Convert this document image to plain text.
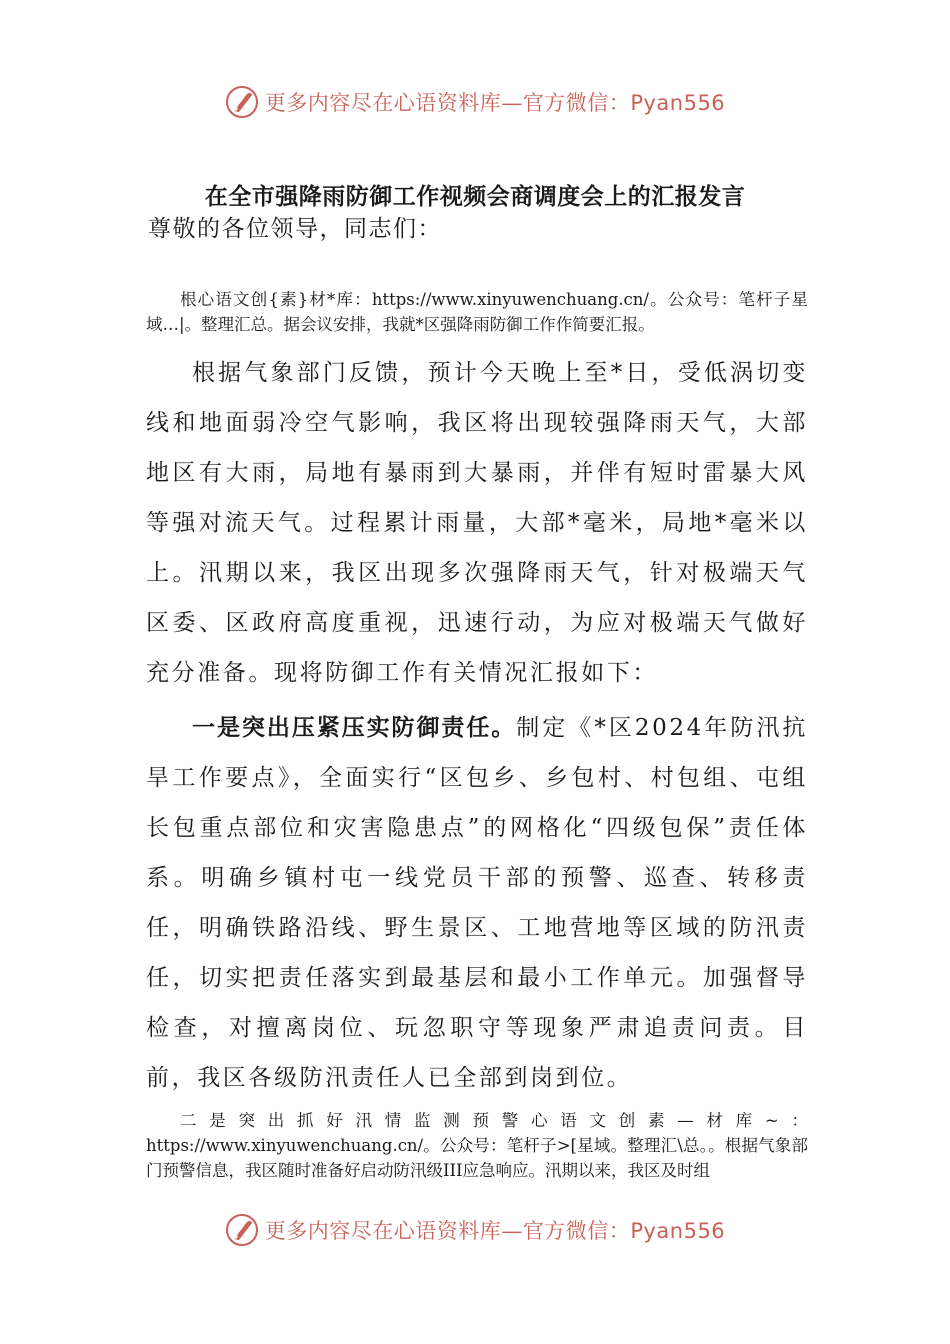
更多内容尽在心语资料库—官方微信：Pyan556
在全市强降雨防御工作视频会商调度会上的汇报发言

尊敬的各位领导，同志们：

根心语文创{素}材*库：https://www.xinyuwenchuang.cn/。公众号：笔杆子星域…|。整理汇总。据会议安排，我就*区强降雨防御工作作简要汇报。

根据气象部门反馈，预计今天晚上至*日，受低涡切变线和地面弱冷空气影响，我区将出现较强降雨天气，大部地区有大雨，局地有暴雨到大暴雨，并伴有短时雷暴大风等强对流天气。过程累计雨量，大部*毫米，局地*毫米以上。汛期以来，我区出现多次强降雨天气，针对极端天气区委、区政府高度重视，迅速行动，为应对极端天气做好充分准备。现将防御工作有关情况汇报如下：

一是突出压紧压实防御责任。制定《*区2024年防汛抗旱工作要点》，全面实行“区包乡、乡包村、村包组、屯组长包重点部位和灾害隐患点”的网格化“四级包保”责任体系。明确乡镇村屯一线党员干部的预警、巡查、转移责任，明确铁路沿线、野生景区、工地营地等区域的防汛责任，切实把责任落实到最基层和最小工作单元。加强督导检查，对擅离岗位、玩忽职守等现象严肃追责问责。目前，我区各级防汛责任人已全部到岗到位。

二是突出抓好汛情监测预警心语文创素—材库~：https://www.xinyuwenchuang.cn/。公众号：笔杆子>[星域。整理汇\总。。根据气象部门预警信息，我区随时准备好启动防汛级III应急响应。汛期以来，我区及时组

更多内容尽在心语资料库—官方微信：Pyan556
